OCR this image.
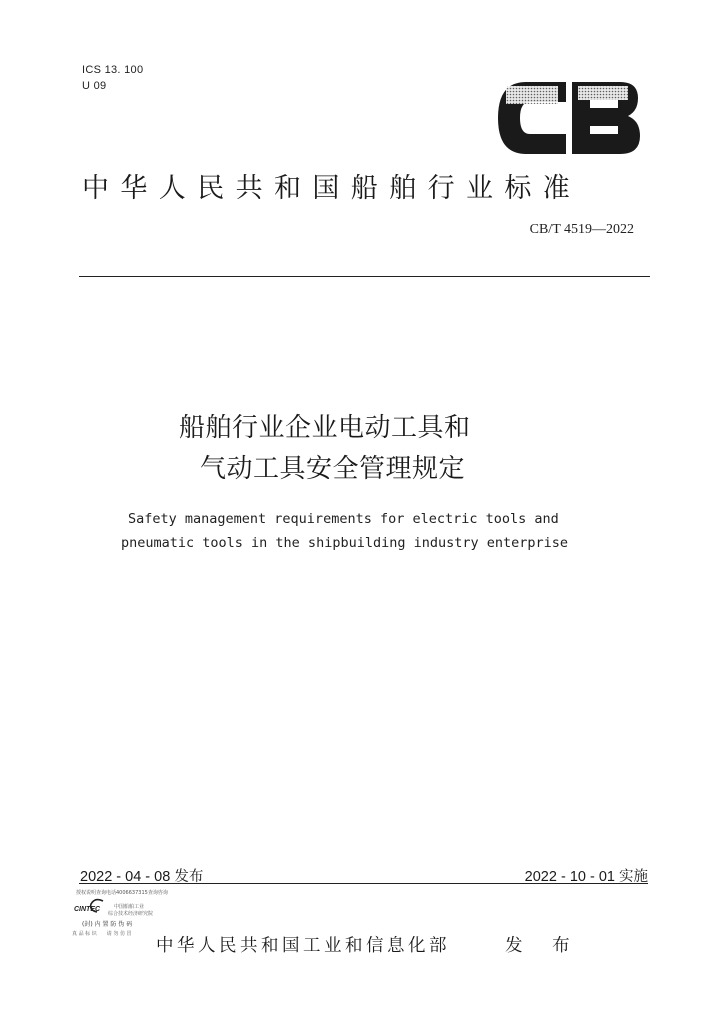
ICS 13. 100
U 09
中华人民共和国船舶行业标准
CB/T 4519—2022
船舶行业企业电动工具和
气动工具安全管理规定
Safety management requirements for electric tools and
pneumatic tools in the shipbuilding industry enterprise
2022 - 04 - 08 发布	2022 - 10 - 01 实施
授权说明查询电话4006637315查询咨询
CINTEC	中国船舶工业
综合技术经济研究院
(封) 内 置 防 伪 码
真 品 标 识　　请 勿 仿 冒
中华人民共和国工业和信息化部	发 布
